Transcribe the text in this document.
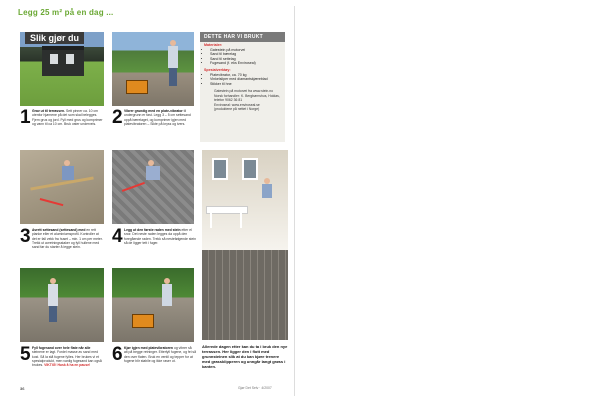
Legg 25 m² på en dag ...
Slik gjør du
1 Grav ut til terrassen. Sett pinner ca. 10 cm utenfor hjørnene på det som skal belegges. Fjern grus og jord. Fyll med grus og komprimer og vann til ca 10 cm. Bruk vater underveis. 2 Vibrer grundig med en plate-vibrator til undergrunn er fast. Legg 3 – 5 cm settesand oppå bærelaget, og komprimer igjen med platevibratoren – Sikte på kryss og tvers.
3 Avrett settesand (settesand) med en rett planke eller et aluminiumsprofil. Kontroller at det er fall vekk fra huset – min. 1 cm per meter. Trekk ut avretningsstaker og fyll hullene med sand før du starter å legge stein.
4 Legg ut den første raden med stein etter el snor. Det neste raden legges da oppå den foregående raden. Trekk så nestefølgende stein så de ligger tett i fuger.
5 Fyll fugesand over hele flate når alle steinene er lagt. Fordel masse av sand med kost. Så la stå fugene fylles. Her brukes vi et spesialprodukt, men vanlig fugesand kan også brukes. VIKTIG! Husk å ha en pause!
6 Kjør igjen med platevibratoren og vibrer så alt på begge retninger. Etterfyll fugene, og fei så den over flaten. Bruk en ventil og tepper for at fugene blir stabile og ikke raser ut.
DETTE HAR VI BRUKT
Materialer:
• Gatestein på motorvei
• Sand til bærelag
• Sand til settelag
• Fugesand (f. eks Enviroseal)
Spesialverktøy:
• Platevibrator, ca. 70 kg
• Vinkelsliper med diamantskjæreblad
• Stikker til hne
Gatestein på motorvei fra www.stein.no
Norsk forhandler: K. Bergbørnshus, Holdas, telefon 9062 36 81
Enviroseal: www.enviroseal.se
(produktene på nettet i Norge)
Allerede dagen etter kan du ta i bruk den nye terrassen. Her ligger den i flott med grunnsteinen slik at du kan kjøre trenere med grassklipperen og unngår langt grøss i kanten.
36	Gjør Det Selv · 4/2007
